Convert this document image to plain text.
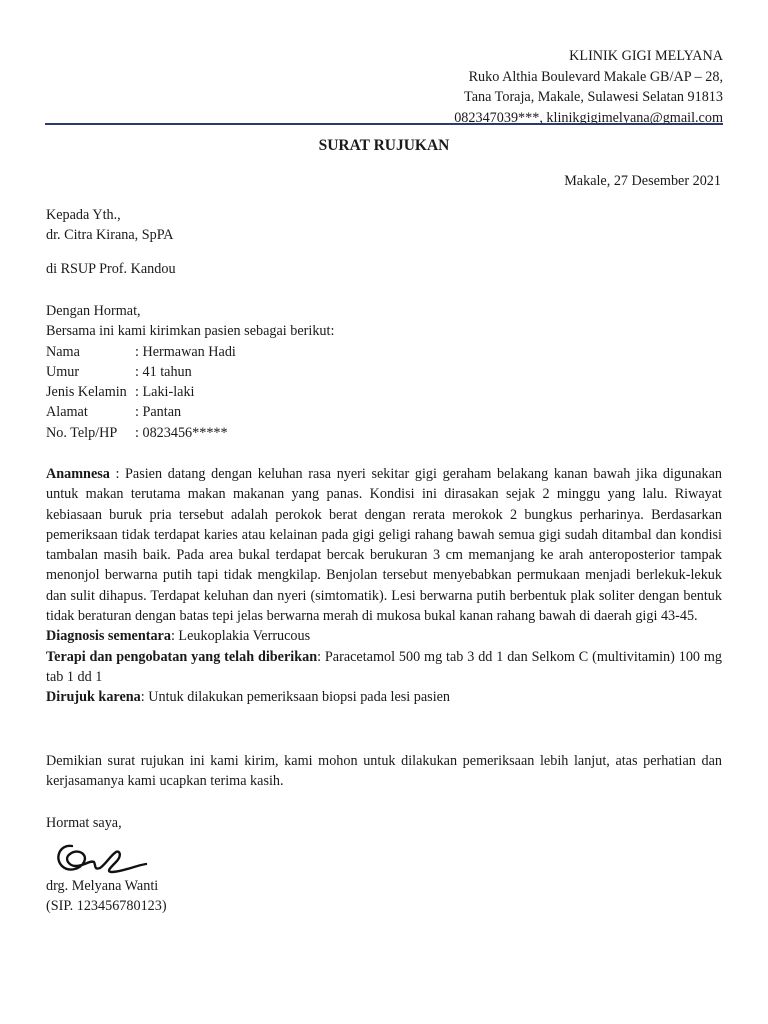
KLINIK GIGI MELYANA
Ruko Althia Boulevard Makale GB/AP – 28,
Tana Toraja, Makale, Sulawesi Selatan 91813
082347039***, klinikgigimelyana@gmail.com
SURAT RUJUKAN
Makale, 27 Desember 2021
Kepada Yth.,
dr. Citra Kirana, SpPA
di RSUP Prof. Kandou
Dengan Hormat,
Bersama ini kami kirimkan pasien sebagai berikut:
Nama	: Hermawan Hadi
Umur	: 41 tahun
Jenis Kelamin : Laki-laki
Alamat	: Pantan
No. Telp/HP	: 0823456*****
Anamnesa : Pasien datang dengan keluhan rasa nyeri sekitar gigi geraham belakang kanan bawah jika digunakan untuk makan terutama makan makanan yang panas. Kondisi ini dirasakan sejak 2 minggu yang lalu. Riwayat kebiasaan buruk pria tersebut adalah perokok berat dengan rerata merokok 2 bungkus perharinya. Berdasarkan pemeriksaan tidak terdapat karies atau kelainan pada gigi geligi rahang bawah semua gigi sudah ditambal dan kondisi tambalan masih baik. Pada area bukal terdapat bercak berukuran 3 cm memanjang ke arah anteroposterior tampak menonjol berwarna putih tapi tidak mengkilap. Benjolan tersebut menyebabkan permukaan menjadi berlekuk-lekuk dan sulit dihapus. Terdapat keluhan dan nyeri (simtomatik). Lesi berwarna putih berbentuk plak soliter dengan bentuk tidak beraturan dengan batas tepi jelas berwarna merah di mukosa bukal kanan rahang bawah di daerah gigi 43-45.
Diagnosis sementara: Leukoplakia Verrucous
Terapi dan pengobatan yang telah diberikan: Paracetamol 500 mg tab 3 dd 1 dan Selkom C (multivitamin) 100 mg tab 1 dd 1
Dirujuk karena: Untuk dilakukan pemeriksaan biopsi pada lesi pasien
Demikian surat rujukan ini kami kirim, kami mohon untuk dilakukan pemeriksaan lebih lanjut, atas perhatian dan kerjasamanya kami ucapkan terima kasih.
Hormat saya,
drg. Melyana Wanti
(SIP. 123456780123)
